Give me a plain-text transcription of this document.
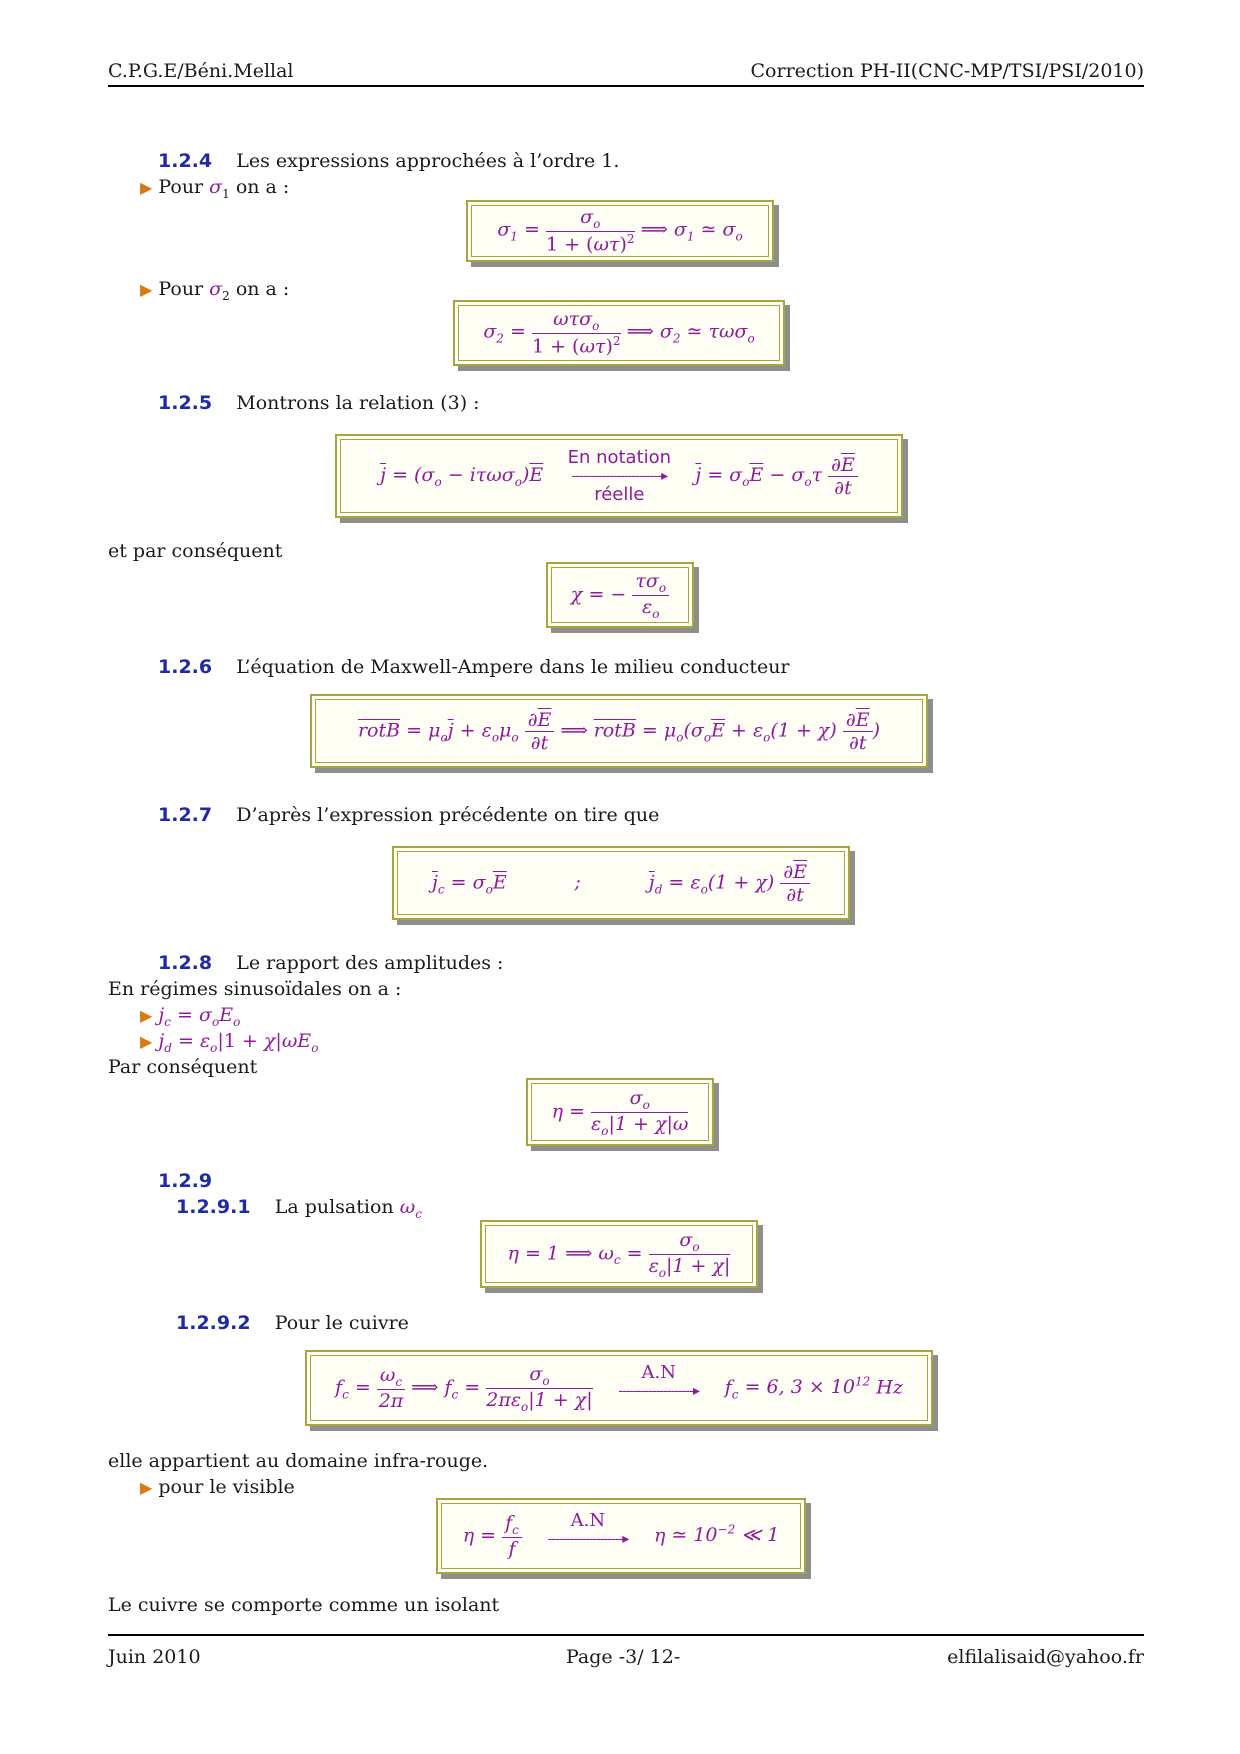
C.P.G.E/Béni.Mellal	Correction PH-II(CNC-MP/TSI/PSI/2010)
1.2.4 Les expressions approchées à l’ordre 1.
▶ Pour $\sigma_1$ on a :
$\sigma_1 = \frac{\sigma_o}{1 + (\omega\tau)^2}$ ⟹ $\sigma_1$ ≃ $\sigma_o$
▶ Pour $\sigma_2$ on a :
$\sigma_2$ =
ωτσ$_o$
$1 + (\omega\tau)^2$ ⟹ $\sigma_2$ ≃ τωσ$_o$
1.2.5 Montrons la relation (3) :
$\overline{j} = (\sigma_o - i\tau\omega\sigma_o)\overline{E}$
En notation
------------------------▸
réelle
$\overline{j} = \sigma_o\overline{E} - \sigma_o\tau \frac{\partial\overline{E}}{\partial t}$
et par conséquent
χ = −
$\tau\sigma_o$
$\varepsilon_o$
1.2.6 L’équation de Maxwell-Ampere dans le milieu conducteur
$\overline{rot}\overline{B} = \mu_o\overline{j} + \varepsilon_o\mu_o \frac{\partial\overline{E}}{\partial t}$ ⟹ $\overline{rot}\overline{B} = \mu_o(\sigma_o\overline{E} + \varepsilon_o(1 + \chi) \frac{\partial\overline{E}}{\partial t}$ )
1.2.7 D’après l’expression précédente on tire que
$\overline{j}_c = \sigma_o\overline{E}$	;	$\overline{j}_d = \varepsilon_o(1 + \chi) \frac{\partial\overline{E}}{\partial t}$
1.2.8 Le rapport des amplitudes :
En régimes sinusoïdales on a :
▶ $j_c = \sigma_oE_o$
▶ $j_d = \varepsilon_o|1 + \chi|\omega E_o$
Par conséquent
$\eta = \frac{\sigma_o}{\varepsilon_o|1 + \chi|\omega}$
1.2.9
1.2.9.1 La pulsation $\omega_c$
η = 1 ⟹ $\omega_c = \frac{\sigma_o}{\varepsilon_o|1 + \chi|}$
1.2.9.2 Pour le cuivre
$f_c = \frac{\omega_c}{2\pi}$ ⟹ $f_c$ =
$\sigma_o$
$2\pi\varepsilon_o|1 + \chi|$

A.N
--------------------▸
	$f_c = 6$, $3 \times 10^{12}$ Hz
elle appartient au domaine infra-rouge.
▶ pour le visible
$\eta = \frac{f_c}{f}$
	A.N
--------------------▸
	η ≃ $10^{-2}$ ≪ 1
Le cuivre se comporte comme un isolant
Juin 2010	Page -3/ 12-	elfilalisaid@yahoo.fr
